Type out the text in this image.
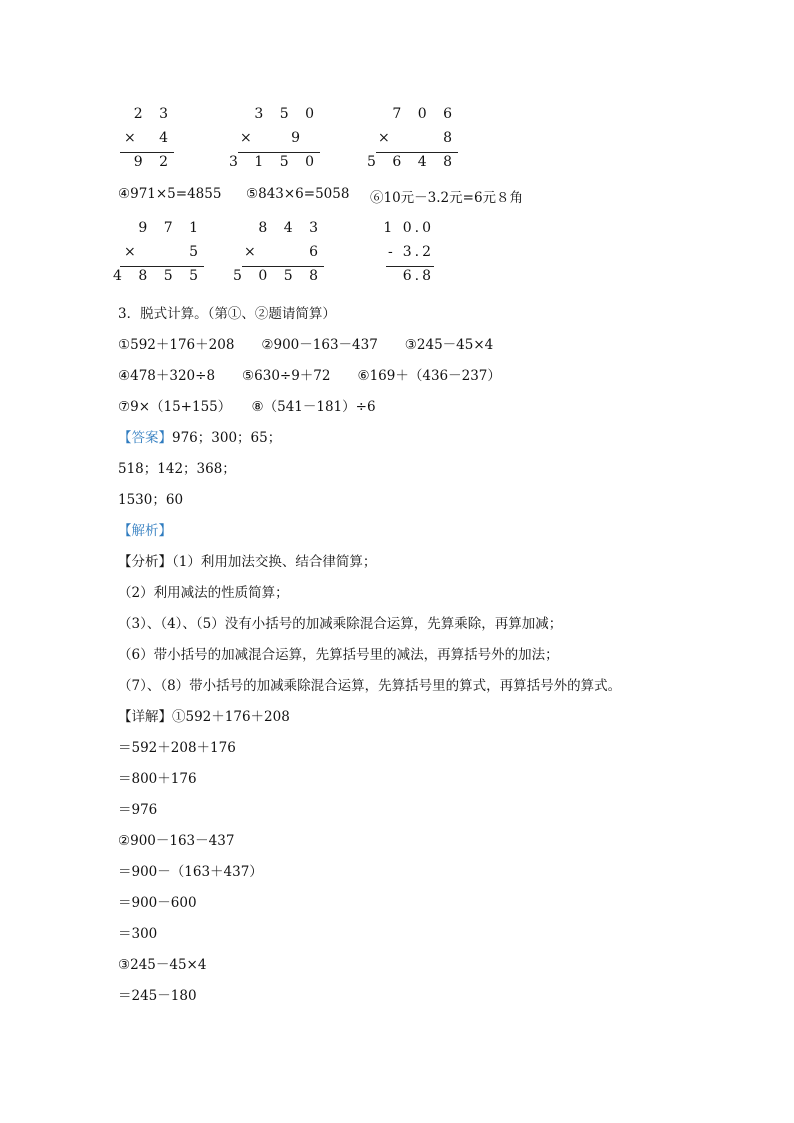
2 3
× 4
9 2
3 5 0
×	9
3 1 5 0
7 0 6
×	8
5 6 4 8
④971×5=4855 ⑤843×6=5058 ⑥10元－3.2元=6元８角
9 7 1
×	5
4 8 5 5
8 4 3
×	6
5 0 5 8
1 0.0
- 3.2
6.8
3．脱式计算。（第①、②题请简算）
①592＋176＋208　　②900－163－437　　③245－45×4
④478＋320÷8　　⑤630÷9＋72　　⑥169＋（436－237）
⑦9×（15+155）　　⑧（541－181）÷6
【答案】976；300；65；
518；142；368；
1530；60
【解析】
【分析】（1）利用加法交换、结合律简算；
（2）利用减法的性质简算；
（3）、（4）、（5）没有小括号的加减乘除混合运算，先算乘除，再算加减；
（6）带小括号的加减混合运算，先算括号里的减法，再算括号外的加法；
（7）、（8）带小括号的加减乘除混合运算，先算括号里的算式，再算括号外的算式。
【详解】①592＋176＋208
＝592＋208＋176
＝800＋176
＝976
②900－163－437
＝900－（163＋437）
＝900－600
＝300
③245－45×4
＝245－180
